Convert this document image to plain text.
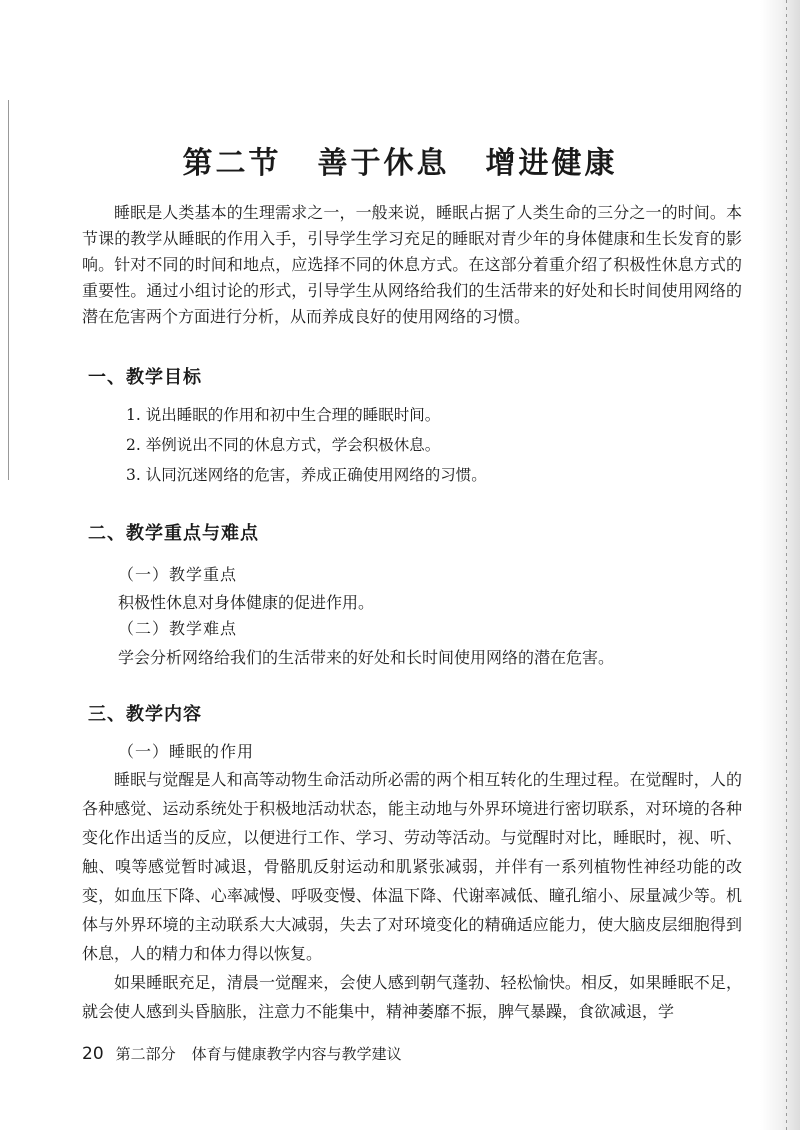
第二节 善于休息 增进健康

睡眠是人类基本的生理需求之一，一般来说，睡眠占据了人类生命的三分之一的时间。本节课的教学从睡眠的作用入手，引导学生学习充足的睡眠对青少年的身体健康和生长发育的影响。针对不同的时间和地点，应选择不同的休息方式。在这部分着重介绍了积极性休息方式的重要性。通过小组讨论的形式，引导学生从网络给我们的生活带来的好处和长时间使用网络的潜在危害两个方面进行分析，从而养成良好的使用网络的习惯。

一、教学目标
1. 说出睡眠的作用和初中生合理的睡眠时间。
2. 举例说出不同的休息方式，学会积极休息。
3. 认同沉迷网络的危害，养成正确使用网络的习惯。
二、教学重点与难点
（一）教学重点
积极性休息对身体健康的促进作用。
（二）教学难点
学会分析网络给我们的生活带来的好处和长时间使用网络的潜在危害。
三、教学内容
（一）睡眠的作用

睡眠与觉醒是人和高等动物生命活动所必需的两个相互转化的生理过程。在觉醒时，人的各种感觉、运动系统处于积极地活动状态，能主动地与外界环境进行密切联系，对环境的各种变化作出适当的反应，以便进行工作、学习、劳动等活动。与觉醒时对比，睡眠时，视、听、触、嗅等感觉暂时减退，骨骼肌反射运动和肌紧张减弱，并伴有一系列植物性神经功能的改变，如血压下降、心率减慢、呼吸变慢、体温下降、代谢率减低、瞳孔缩小、尿量减少等。机体与外界环境的主动联系大大减弱，失去了对环境变化的精确适应能力，使大脑皮层细胞得到休息，人的精力和体力得以恢复。

如果睡眠充足，清晨一觉醒来，会使人感到朝气蓬勃、轻松愉快。相反，如果睡眠不足，就会使人感到头昏脑胀，注意力不能集中，精神萎靡不振，脾气暴躁，食欲减退，学

20 第二部分 体育与健康教学内容与教学建议
